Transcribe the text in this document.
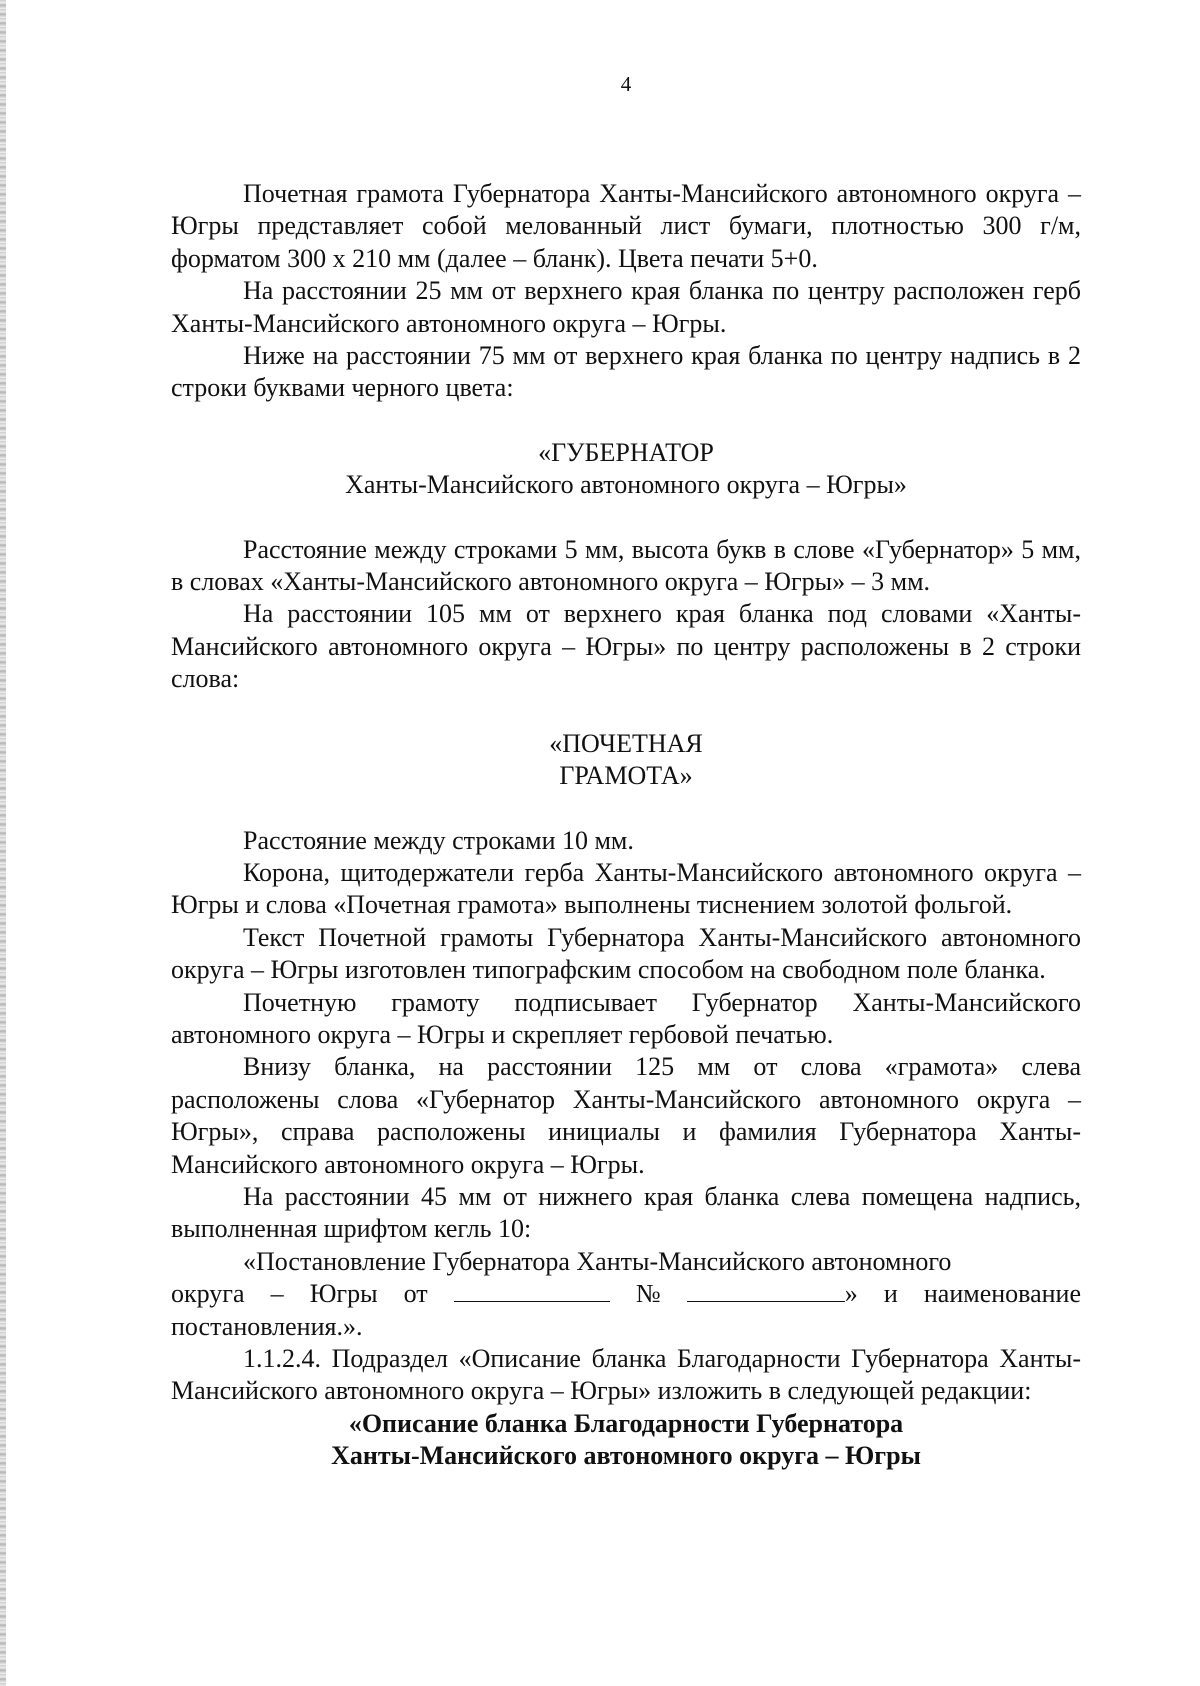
4

Почетная грамота Губернатора Ханты-Мансийского автономного округа – Югры представляет собой мелованный лист бумаги, плотностью 300 г/м, форматом 300 х 210 мм (далее – бланк). Цвета печати 5+0.

На расстоянии 25 мм от верхнего края бланка по центру расположен герб Ханты-Мансийского автономного округа – Югры.

Ниже на расстоянии 75 мм от верхнего края бланка по центру надпись в 2 строки буквами черного цвета:

«ГУБЕРНАТОР

Ханты-Мансийского автономного округа – Югры»

Расстояние между строками 5 мм, высота букв в слове «Губернатор» 5 мм, в словах «Ханты-Мансийского автономного округа – Югры» – 3 мм.

На расстоянии 105 мм от верхнего края бланка под словами «Ханты-Мансийского автономного округа – Югры» по центру расположены в 2 строки слова:

«ПОЧЕТНАЯ

ГРАМОТА»

Расстояние между строками 10 мм.

Корона, щитодержатели герба Ханты-Мансийского автономного округа – Югры и слова «Почетная грамота» выполнены тиснением золотой фольгой.

Текст Почетной грамоты Губернатора Ханты-Мансийского автономного округа – Югры изготовлен типографским способом на свободном поле бланка.

Почетную грамоту подписывает Губернатор Ханты-Мансийского автономного округа – Югры и скрепляет гербовой печатью.

Внизу бланка, на расстоянии 125 мм от слова «грамота» слева расположены слова «Губернатор Ханты-Мансийского автономного округа – Югры», справа расположены инициалы и фамилия Губернатора Ханты-Мансийского автономного округа – Югры.

На расстоянии 45 мм от нижнего края бланка слева помещена надпись, выполненная шрифтом кегль 10:

«Постановление Губернатора Ханты-Мансийского автономного

округа – Югры от	№	» и наименование

постановления.».

1.1.2.4. Подраздел «Описание бланка Благодарности Губернатора Ханты-Мансийского автономного округа – Югры» изложить в следующей редакции:

«Описание бланка Благодарности Губернатора

Ханты-Мансийского автономного округа – Югры
